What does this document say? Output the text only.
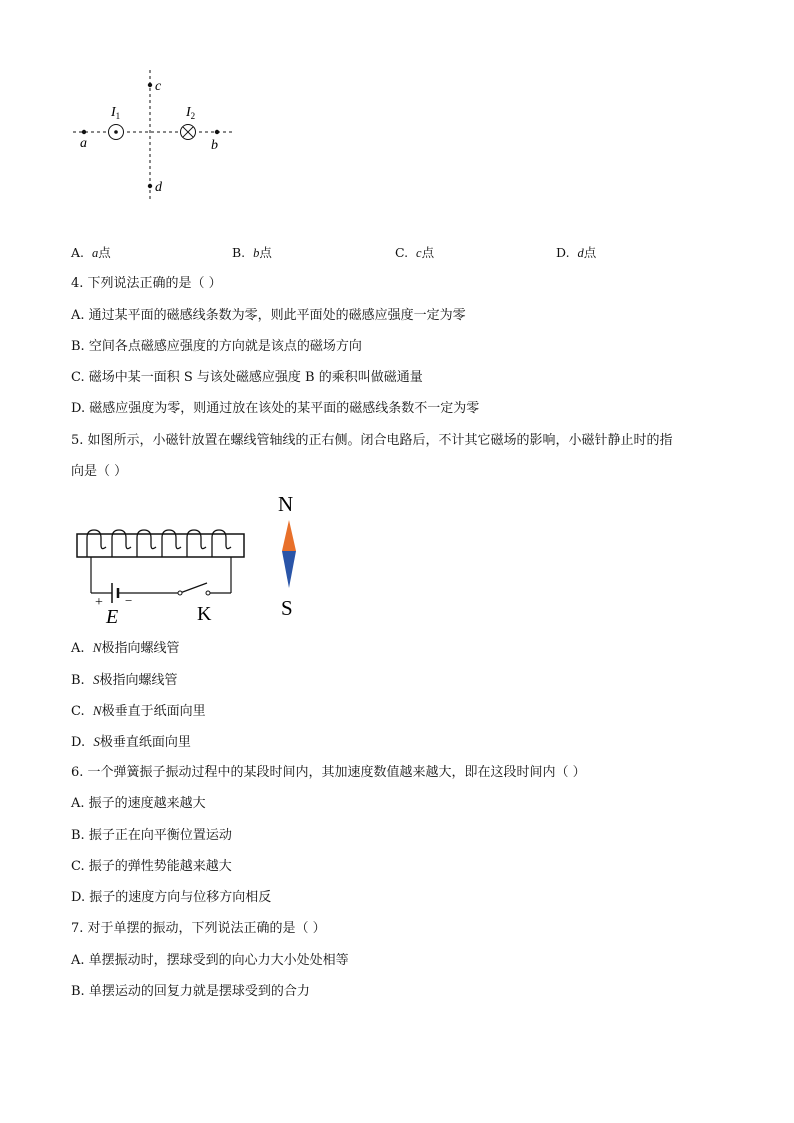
a	b
c
d
$I_1$	$I_2$
A. a点	B. b点	C. c点	D. d点
4. 下列说法正确的是（ ）
A. 通过某平面的磁感线条数为零，则此平面处的磁感应强度一定为零
B. 空间各点磁感应强度的方向就是该点的磁场方向
C. 磁场中某一面积 S 与该处磁感应强度 B 的乘积叫做磁通量
D. 磁感应强度为零，则通过放在该处的某平面的磁感线条数不一定为零
5. 如图所示，小磁针放置在螺线管轴线的正右侧。闭合电路后，不计其它磁场的影响，小磁针静止时的指
向是（ ）
+ −
E	K
N
S
A. N极指向螺线管
B. S极指向螺线管
C. N极垂直于纸面向里
D. S极垂直纸面向里
6. 一个弹簧振子振动过程中的某段时间内，其加速度数值越来越大，即在这段时间内（ ）
A. 振子的速度越来越大
B. 振子正在向平衡位置运动
C. 振子的弹性势能越来越大
D. 振子的速度方向与位移方向相反
7. 对于单摆的振动，下列说法正确的是（ ）
A. 单摆振动时，摆球受到的向心力大小处处相等
B. 单摆运动的回复力就是摆球受到的合力
